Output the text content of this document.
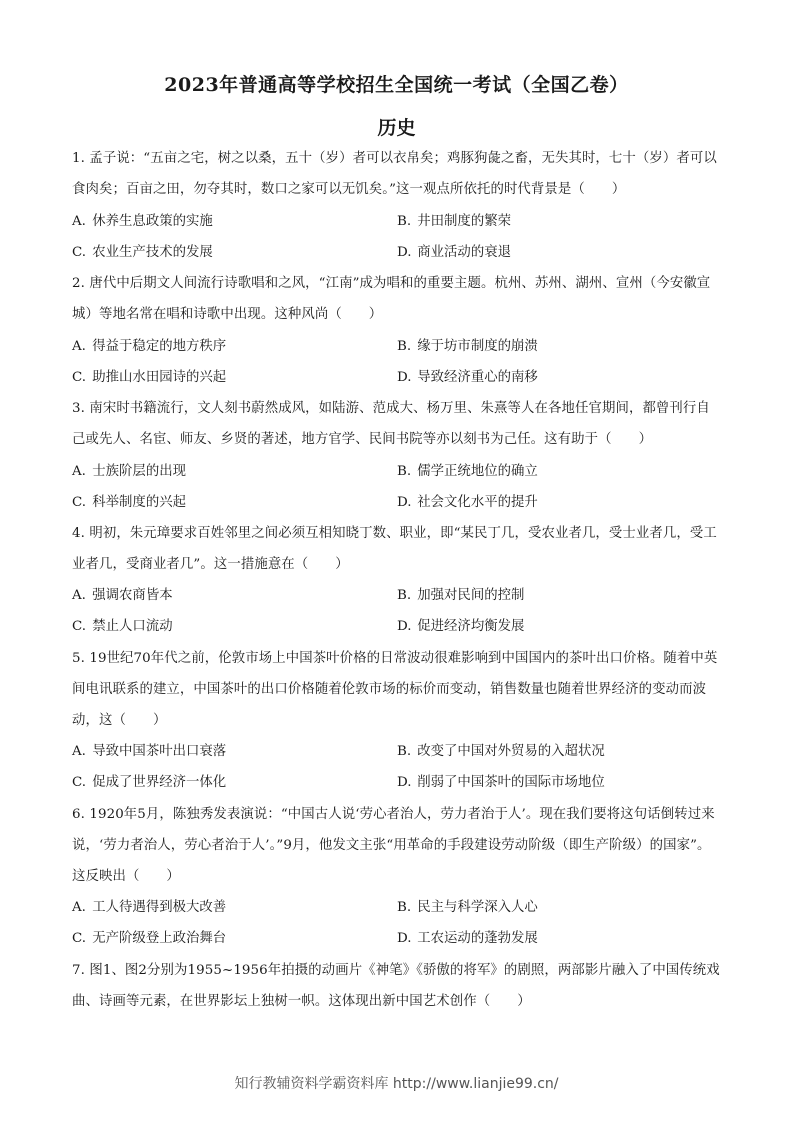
2023年普通高等学校招生全国统一考试（全国乙卷）
历史
1. 孟子说：“五亩之宅，树之以桑，五十（岁）者可以衣帛矣；鸡豚狗彘之畜，无失其时，七十（岁）者可以食肉矣；百亩之田，勿夺其时，数口之家可以无饥矣。”这一观点所依托的时代背景是（　　）
A. 休养生息政策的实施	B. 井田制度的繁荣
C. 农业生产技术的发展	D. 商业活动的衰退
2. 唐代中后期文人间流行诗歌唱和之风，“江南”成为唱和的重要主题。杭州、苏州、湖州、宣州（今安徽宣城）等地名常在唱和诗歌中出现。这种风尚（　　）
A. 得益于稳定的地方秩序	B. 缘于坊市制度的崩溃
C. 助推山水田园诗的兴起	D. 导致经济重心的南移
3. 南宋时书籍流行，文人刻书蔚然成风，如陆游、范成大、杨万里、朱熹等人在各地任官期间，都曾刊行自己或先人、名宦、师友、乡贤的著述，地方官学、民间书院等亦以刻书为己任。这有助于（　　）
A. 士族阶层的出现	B. 儒学正统地位的确立
C. 科举制度的兴起	D. 社会文化水平的提升
4. 明初，朱元璋要求百姓邻里之间必须互相知晓丁数、职业，即“某民丁几，受农业者几，受士业者几，受工业者几，受商业者几”。这一措施意在（　　）
A. 强调农商皆本	B. 加强对民间的控制
C. 禁止人口流动	D. 促进经济均衡发展
5. 19世纪70年代之前，伦敦市场上中国茶叶价格的日常波动很难影响到中国国内的茶叶出口价格。随着中英间电讯联系的建立，中国茶叶的出口价格随着伦敦市场的标价而变动，销售数量也随着世界经济的变动而波动，这（　　）
A. 导致中国茶叶出口衰落	B. 改变了中国对外贸易的入超状况
C. 促成了世界经济一体化	D. 削弱了中国茶叶的国际市场地位
6. 1920年5月，陈独秀发表演说：“中国古人说‘劳心者治人，劳力者治于人’。现在我们要将这句话倒转过来说，‘劳力者治人，劳心者治于人’。”9月，他发文主张“用革命的手段建设劳动阶级（即生产阶级）的国家”。这反映出（　　）
A. 工人待遇得到极大改善	B. 民主与科学深入人心
C. 无产阶级登上政治舞台	D. 工农运动的蓬勃发展
7. 图1、图2分别为1955~1956年拍摄的动画片《神笔》《骄傲的将军》的剧照，两部影片融入了中国传统戏曲、诗画等元素，在世界影坛上独树一帜。这体现出新中国艺术创作（　　）
知行教辅资料学霸资料库 http://www.lianjie99.cn/
